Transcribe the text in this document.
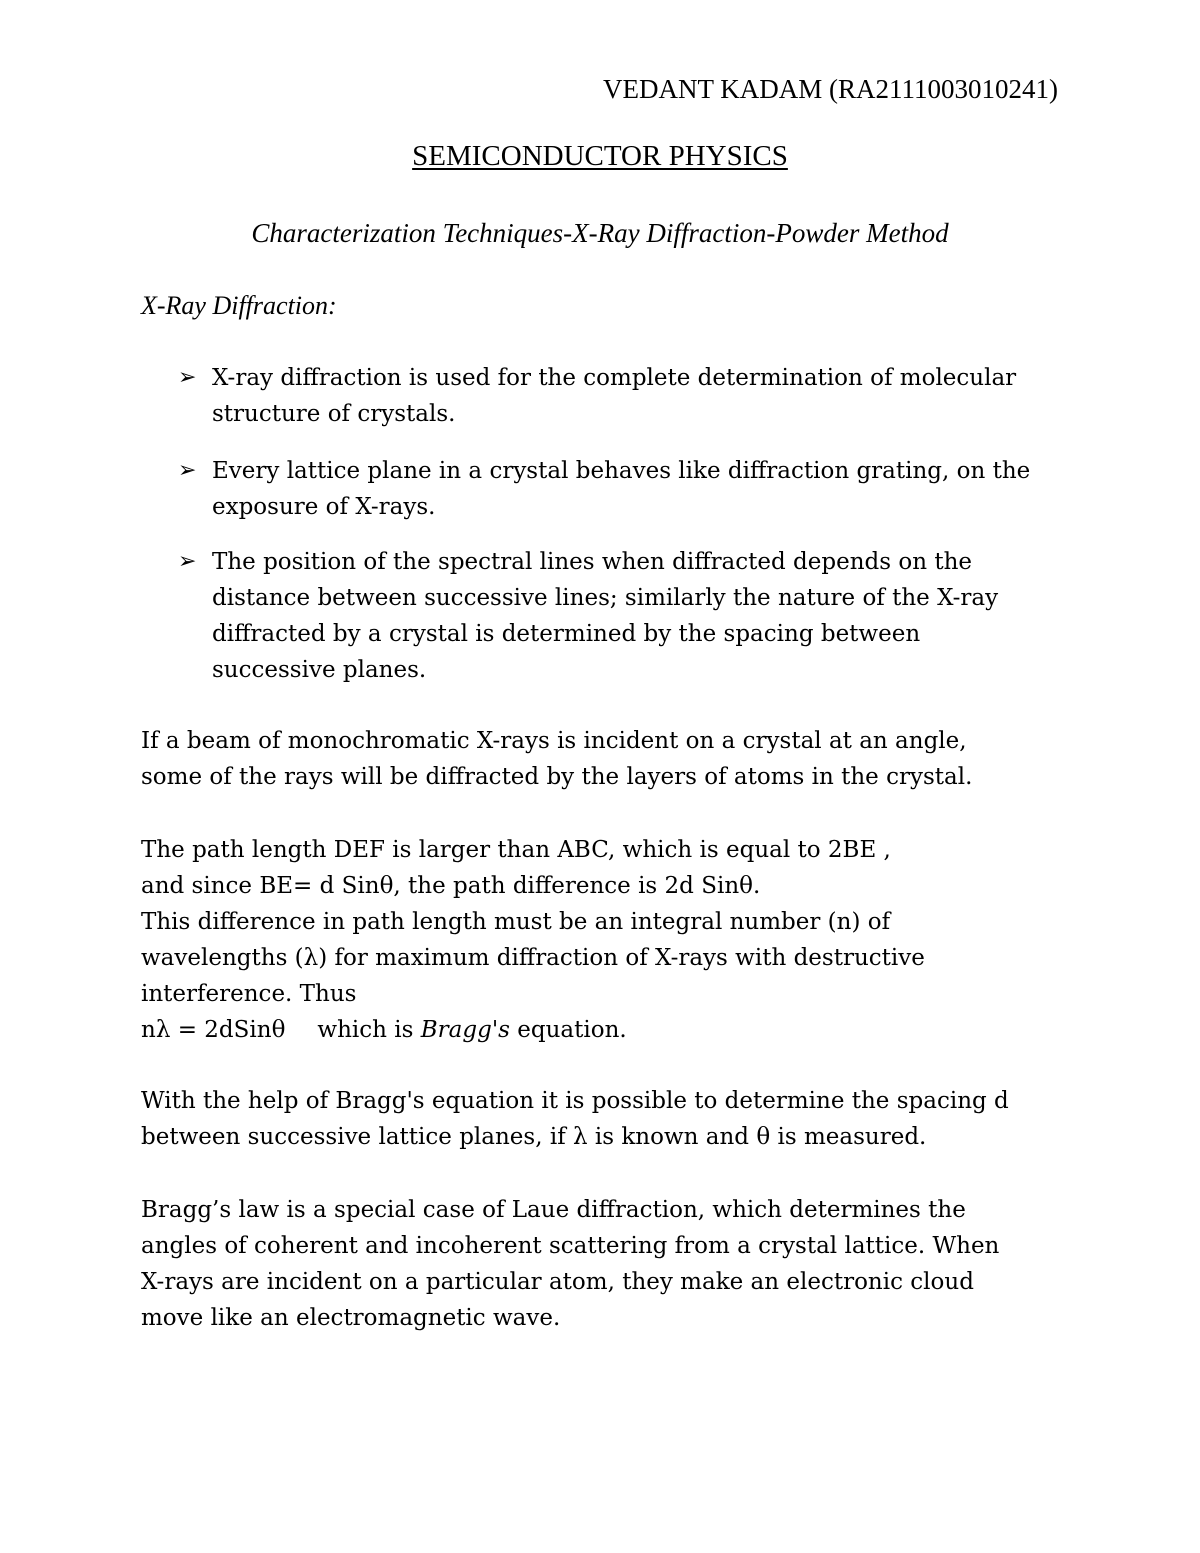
VEDANT KADAM (RA2111003010241)
SEMICONDUCTOR PHYSICS
Characterization Techniques-X-Ray Diffraction-Powder Method
X-Ray Diffraction:
➢ X-ray diffraction is used for the complete determination of molecular
structure of crystals.
➢ Every lattice plane in a crystal behaves like diffraction grating, on the
exposure of X-rays.
➢ The position of the spectral lines when diffracted depends on the
distance between successive lines; similarly the nature of the X-ray
diffracted by a crystal is determined by the spacing between
successive planes.
If a beam of monochromatic X-rays is incident on a crystal at an angle,
some of the rays will be diffracted by the layers of atoms in the crystal.
The path length DEF is larger than ABC, which is equal to 2BE ,
and since BE= d Sinθ, the path difference is 2d Sinθ.
This difference in path length must be an integral number (n) of
wavelengths (λ) for maximum diffraction of X-rays with destructive
interference. Thus
nλ = 2dSinθ which is Bragg's equation.
With the help of Bragg's equation it is possible to determine the spacing d
between successive lattice planes, if λ is known and θ is measured.
Bragg’s law is a special case of Laue diffraction, which determines the
angles of coherent and incoherent scattering from a crystal lattice. When
X-rays are incident on a particular atom, they make an electronic cloud
move like an electromagnetic wave.
